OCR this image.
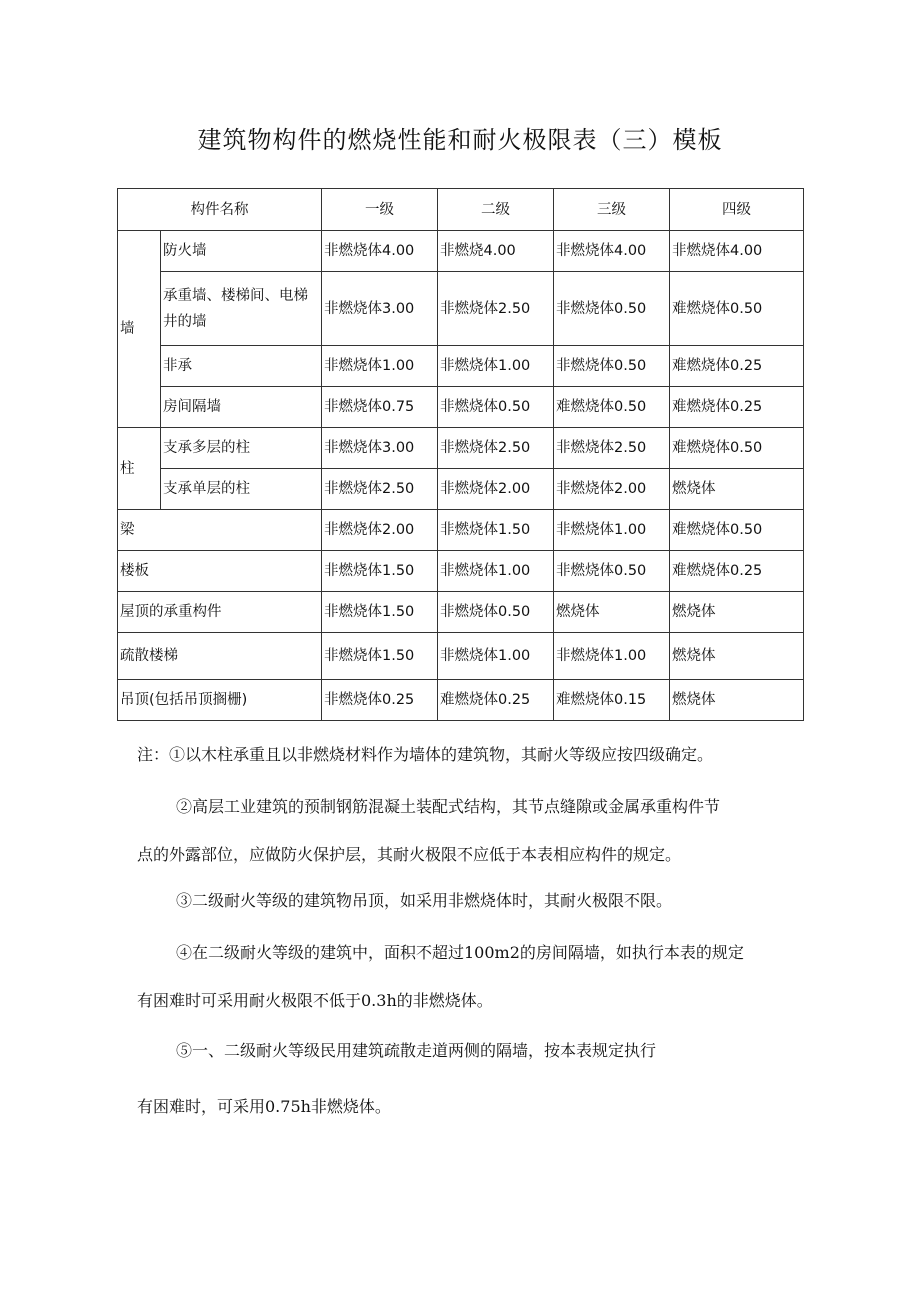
建筑物构件的燃烧性能和耐火极限表（三）模板
构件名称		一级	二级	三级	四级
墙	防火墙	非燃烧体4.00	非燃烧4.00	非燃烧体4.00	非燃烧体4.00
	承重墙、楼梯间、电梯井的墙	非燃烧体3.00	非燃烧体2.50	非燃烧体0.50	难燃烧体0.50
	非承	非燃烧体1.00	非燃烧体1.00	非燃烧体0.50	难燃烧体0.25
	房间隔墙	非燃烧体0.75	非燃烧体0.50	难燃烧体0.50	难燃烧体0.25
柱	支承多层的柱	非燃烧体3.00	非燃烧体2.50	非燃烧体2.50	难燃烧体0.50
	支承单层的柱	非燃烧体2.50	非燃烧体2.00	非燃烧体2.00	燃烧体
梁		非燃烧体2.00	非燃烧体1.50	非燃烧体1.00	难燃烧体0.50
楼板		非燃烧体1.50	非燃烧体1.00	非燃烧体0.50	难燃烧体0.25
屋顶的承重构件		非燃烧体1.50	非燃烧体0.50	燃烧体	燃烧体
疏散楼梯		非燃烧体1.50	非燃烧体1.00	非燃烧体1.00	燃烧体
吊顶(包括吊顶搁栅)		非燃烧体0.25	难燃烧体0.25	难燃烧体0.15	燃烧体
注：①以木柱承重且以非燃烧材料作为墙体的建筑物，其耐火等级应按四级确定。
②高层工业建筑的预制钢筋混凝土装配式结构，其节点缝隙或金属承重构件节
点的外露部位，应做防火保护层，其耐火极限不应低于本表相应构件的规定。
③二级耐火等级的建筑物吊顶，如采用非燃烧体时，其耐火极限不限。
④在二级耐火等级的建筑中，面积不超过100m2的房间隔墙，如执行本表的规定
有困难时可采用耐火极限不低于0.3h的非燃烧体。
⑤一、二级耐火等级民用建筑疏散走道两侧的隔墙，按本表规定执行
有困难时，可采用0.75h非燃烧体。
